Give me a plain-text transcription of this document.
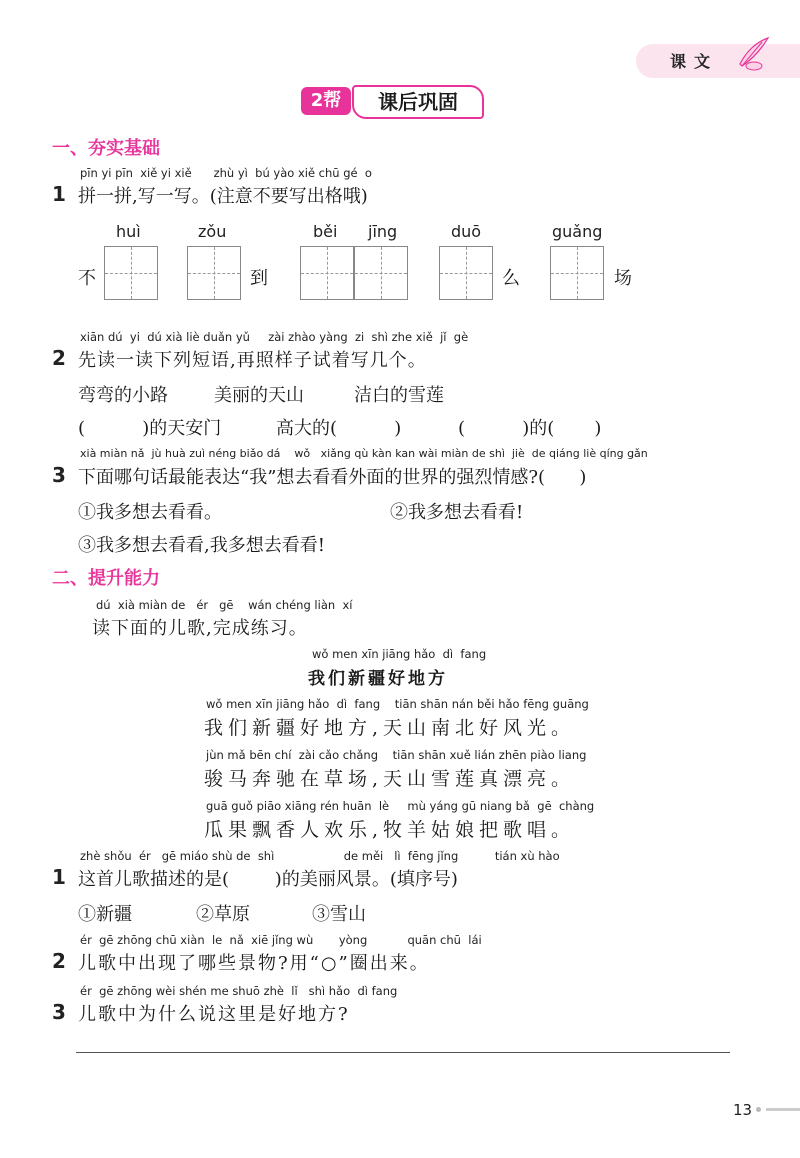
课文
2帮	课后巩固
一、夯实基础
pīn yi pīn  xiě yi xiě      zhù yì  bú yào xiě chū gé  o
1 拼一拼,写一写。(注意不要写出格哦)
huì	zǒu	běi jīng	duō	guǎng
不	到	么	场
xiān dú  yi  dú xià liè duǎn yǔ     zài zhào yàng  zi  shì zhe xiě  jǐ  gè
2 先读一读下列短语,再照样子试着写几个。
弯弯的小路	美丽的天山	洁白的雪莲
(          )的天安门	高大的(          )	(          )的(       )
xià miàn nǎ  jù huà zuì néng biǎo dá    wǒ   xiǎng qù kàn kan wài miàn de shì  jiè  de qiáng liè qíng gǎn
3 下面哪句话最能表达“我”想去看看外面的世界的强烈情感?(      )
①我多想去看看。	②我多想去看看!
③我多想去看看,我多想去看看!
二、提升能力
dú  xià miàn de   ér   gē    wán chéng liàn  xí
读下面的儿歌,完成练习。
wǒ men xīn jiāng hǎo  dì  fang
我们新疆好地方
wǒ men xīn jiāng hǎo  dì  fang    tiān shān nán běi hǎo fēng guāng
我们新疆好地方,天山南北好风光。
jùn mǎ bēn chí  zài cǎo chǎng    tiān shān xuě lián zhēn piào liang
骏马奔驰在草场,天山雪莲真漂亮。
guā guǒ piāo xiāng rén huān  lè     mù yáng gū niang bǎ  gē  chàng
瓜果飘香人欢乐,牧羊姑娘把歌唱。
zhè shǒu  ér   gē miáo shù de  shì                   de měi   lì  fēng jǐng          tián xù hào
1 这首儿歌描述的是(        )的美丽风景。(填序号)
①新疆	②草原	③雪山
ér  gē zhōng chū xiàn  le  nǎ  xiē jǐng wù       yòng           quān chū  lái
2 儿歌中出现了哪些景物?用“○”圈出来。
ér  gē zhōng wèi shén me shuō zhè  lǐ   shì hǎo  dì fang
3 儿歌中为什么说这里是好地方?
13
